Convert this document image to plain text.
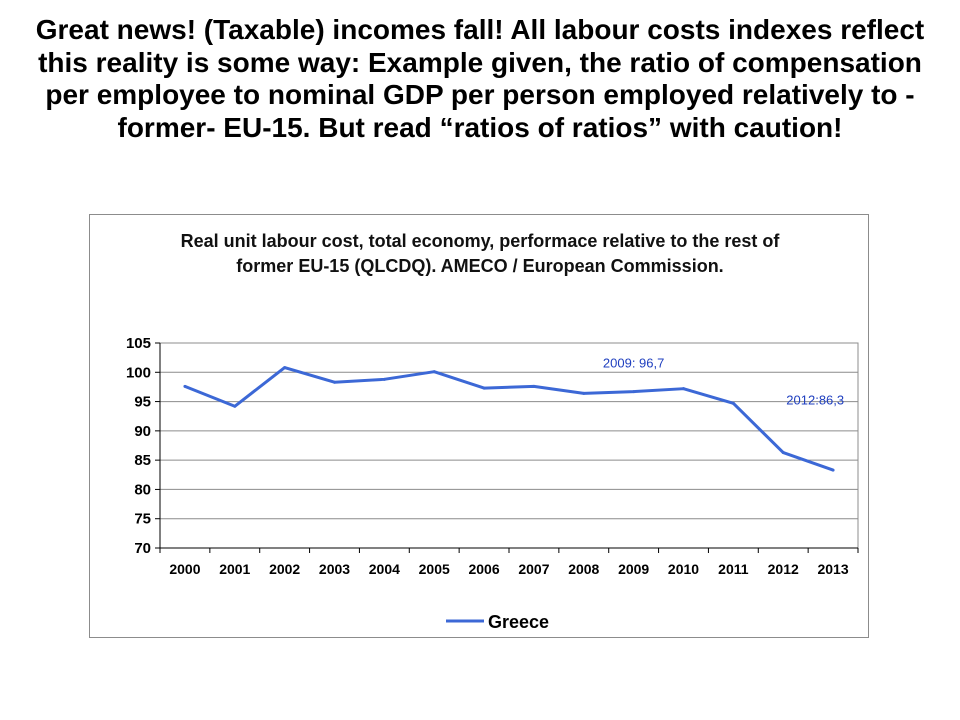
Great news! (Taxable) incomes fall! All labour costs indexes reflect this reality is some way: Example given, the ratio of compensation per employee to nominal GDP per person employed relatively to -former- EU-15. But read “ratios of ratios” with caution!
Real unit labour cost, total economy, performace relative to the rest of former EU-15 (QLCDQ). AMECO / European Commission.
105
100
95
90
85
80
75
70
2000 2001 2002 2003 2004 2005 2006 2007 2008 2009 2010 2011 2012 2013
Greece
2009: 96,7
2012:86,3
